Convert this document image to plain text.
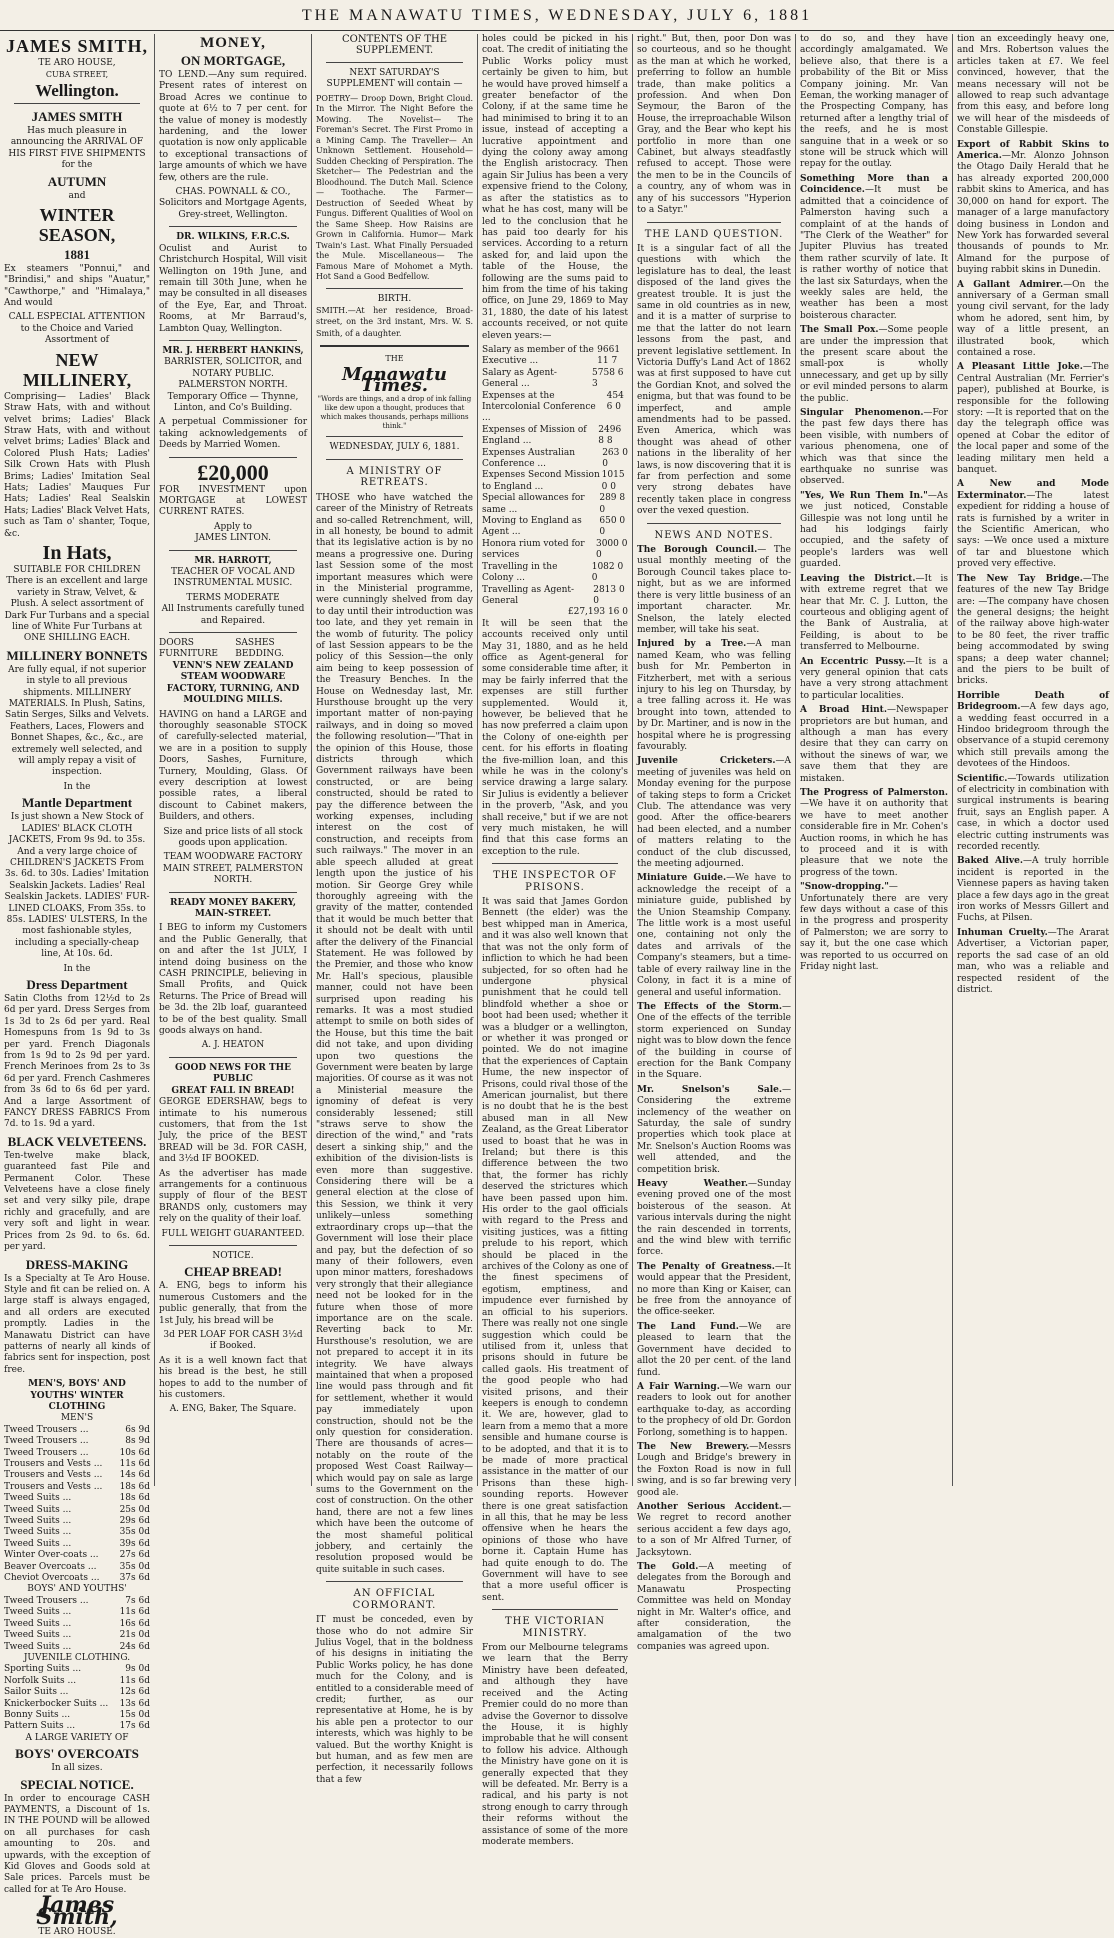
THE MANAWATU TIMES, WEDNESDAY, JULY 6, 1881
JAMES SMITH,
TE ARO HOUSE,
CUBA STREET,
Wellington.
JAMES SMITH

Has much pleasure in announcing the ARRIVAL OF HIS FIRST FIVE SHIPMENTS for the

AUTUMN
and
WINTER SEASON,
1881

Ex steamers "Ponnui," and "Brindisi," and ships "Auatur," "Cawthorpe," and "Himalaya," And would

CALL ESPECIAL ATTENTION to the Choice and Varied Assortment of

NEW MILLINERY,

Comprising— Ladies' Black Straw Hats, with and without velvet brims; Ladies' Black Straw Hats, with and without velvet brims; Ladies' Black and Colored Plush Hats; Ladies' Silk Crown Hats with Plush Brims; Ladies' Imitation Seal Hats; Ladies' Mauques Fur Hats; Ladies' Real Sealskin Hats; Ladies' Black Velvet Hats, such as Tam o' shanter, Toque, &c.

In Hats,

SUITABLE FOR CHILDREN There is an excellent and large variety in Straw, Velvet, & Plush. A select assortment of Dark Fur Turbans and a special line of White Fur Turbans at ONE SHILLING EACH.

MILLINERY BONNETS

Are fully equal, if not superior in style to all previous shipments. MILLINERY MATERIALS. In Plush, Satins, Satin Serges, Silks and Velvets. Feathers, Laces, Flowers and Bonnet Shapes, &c., &c., are extremely well selected, and will amply repay a visit of inspection.

In the
Mantle Department

Is just shown a New Stock of LADIES' BLACK CLOTH JACKETS, From 9s 9d. to 35s. And a very large choice of CHILDREN'S JACKETS From 3s. 6d. to 30s. Ladies' Imitation Sealskin Jackets. Ladies' Real Sealskin Jackets. LADIES' FUR-LINED CLOAKS, From 35s. to 85s. LADIES' ULSTERS, In the most fashionable styles, including a specially-cheap line, At 10s. 6d.

In the
Dress Department

Satin Cloths from 12½d to 2s 6d per yard. Dress Serges from 1s 3d to 2s 6d per yard. Real Homespuns from 1s 9d to 3s per yard. French Diagonals from 1s 9d to 2s 9d per yard. French Merinoes from 2s to 3s 6d per yard. French Cashmeres from 3s 6d to 6s 6d per yard. And a large Assortment of FANCY DRESS FABRICS From 7d. to 1s. 9d a yard.

BLACK VELVETEENS.

Ten-twelve make black, guaranteed fast Pile and Permanent Color. These Velveteens have a close finely set and very silky pile, drape richly and gracefully, and are very soft and light in wear. Prices from 2s 9d. to 6s. 6d. per yard.

DRESS-MAKING

Is a Specialty at Te Aro House. Style and fit can be relied on. A large staff is always engaged, and all orders are executed promptly. Ladies in the Manawatu District can have patterns of nearly all kinds of fabrics sent for inspection, post free.

MEN'S, BOYS' AND YOUTHS' WINTER CLOTHING
MEN'S
Tweed Trousers ...	6s 9d
Tweed Trousers ...	8s 9d
Tweed Trousers ...	10s 6d
Trousers and Vests ... 11s 6d
Trousers and Vests ... 14s 6d
Trousers and Vests ... 18s 6d
Tweed Suits ...	18s 6d
Tweed Suits ...	25s 0d
Tweed Suits ...	29s 6d
Tweed Suits ...	35s 0d
Tweed Suits ...	39s 6d
Winter Over-coats ... 27s 6d
Beaver Overcoats ...	35s 0d
Cheviot Overcoats ... 37s 6d
BOYS' AND YOUTHS'
Tweed Trousers ...	7s 6d
Tweed Suits ...	11s 6d
Tweed Suits ...	16s 6d
Tweed Suits ...	21s 0d
Tweed Suits ...	24s 6d
JUVENILE CLOTHING.
Sporting Suits ...	9s 0d
Norfolk Suits ...	11s 6d
Sailor Suits ...	12s 6d
Knickerbocker Suits ... 13s 6d
Bonny Suits ...	15s 0d
Pattern Suits ...	17s 6d
A LARGE VARIETY OF
BOYS' OVERCOATS
In all sizes.
SPECIAL NOTICE.

In order to encourage CASH PAYMENTS, a Discount of 1s. IN THE POUND will be allowed on all purchases for cash amounting to 20s. and upwards, with the exception of Kid Gloves and Goods sold at Sale prices. Parcels must be called for at Te Aro House.

James Smith,
TE ARO HOUSE.
MONEY,
ON MORTGAGE,

TO LEND.—Any sum required. Present rates of interest on Broad Acres we continue to quote at 6½ to 7 per cent. for the value of money is modestly hardening, and the lower quotation is now only applicable to exceptional transactions of large amounts of which we have few, others are the rule.

CHAS. POWNALL & CO., Solicitors and Mortgage Agents, Grey-street, Wellington.

DR. WILKINS, F.R.C.S.

Oculist and Aurist to Christchurch Hospital, Will visit Wellington on 19th June, and remain till 30th June, when he may be consulted in all diseases of the Eye, Ear, and Throat. Rooms, at Mr Barraud's, Lambton Quay, Wellington.

MR. J. HERBERT HANKINS,
BARRISTER, SOLICITOR, and NOTARY PUBLIC.

PALMERSTON NORTH. Temporary Office — Thynne, Linton, and Co's Building.

A perpetual Commissioner for taking acknowledgements of Deeds by Married Women.

£20,000

FOR INVESTMENT upon MORTGAGE at LOWEST CURRENT RATES.

Apply to
JAMES LINTON.
MR. HARROTT,

TEACHER OF VOCAL AND INSTRUMENTAL MUSIC.

TERMS MODERATE

All Instruments carefully tuned and Repaired.

DOORS FURNITURE
SASHES BEDDING.

VENN'S NEW ZEALAND STEAM WOODWARE FACTORY, TURNING, AND MOULDING MILLS.

HAVING on hand a LARGE and thoroughly seasonable STOCK of carefully-selected material, we are in a position to supply Doors, Sashes, Furniture, Turnery, Moulding, Glass. Of every description at lowest possible rates, a liberal discount to Cabinet makers, Builders, and others.

Size and price lists of all stock goods upon application.

TEAM WOODWARE FACTORY MAIN STREET, PALMERSTON NORTH.

READY MONEY BAKERY, MAIN-STREET.

I BEG to inform my Customers and the Public Generally, that on and after the 1st JULY, I intend doing business on the CASH PRINCIPLE, believing in Small Profits, and Quick Returns. The Price of Bread will be 3d. the 2lb loaf, guaranteed to be of the best quality. Small goods always on hand.

A. J. HEATON
GOOD NEWS FOR THE PUBLIC
GREAT FALL IN BREAD!

GEORGE EDERSHAW, begs to intimate to his numerous customers, that from the 1st July, the price of the BEST BREAD will be 3d. FOR CASH, and 3½d IF BOOKED.

As the advertiser has made arrangements for a continuous supply of flour of the BEST BRANDS only, customers may rely on the quality of their loaf.

FULL WEIGHT GUARANTEED.
NOTICE.
CHEAP BREAD!

A. ENG, begs to inform his numerous Customers and the public generally, that from the 1st July, his bread will be

3d PER LOAF FOR CASH 3½d if Booked.

As it is a well known fact that his bread is the best, he still hopes to add to the number of his customers.

A. ENG, Baker, The Square.
CONTENTS OF THE SUPPLEMENT.

NEXT SATURDAY'S SUPPLEMENT will contain —

POETRY— Droop Down, Bright Cloud. In the Mirror. The Night Before the Mowing. The Novelist— The Foreman's Secret. The First Promo in a Mining Camp. The Traveller— An Unknown Settlement. Household— Sudden Checking of Perspiration. The Sketcher— The Pedestrian and the Bloodhound. The Dutch Mail. Science— Toothache. The Farmer— Destruction of Seeded Wheat by Fungus. Different Qualities of Wool on the Same Sheep. How Raisins are Grown in California. Humor— Mark Twain's Last. What Finally Persuaded the Mule. Miscellaneous— The Famous Mare of Mohomet a Myth. Hot Sand a Good Bedfellow.

BIRTH.

SMITH.—At her residence, Broad-street, on the 3rd instant, Mrs. W. S. Smith, of a daughter.

THE
Manawatu Times.

"Words are things, and a drop of ink falling like dew upon a thought, produces that which makes thousands, perhaps millions think."

WEDNESDAY, JULY 6, 1881.
A MINISTRY OF RETREATS.

THOSE who have watched the career of the Ministry of Retreats and so-called Retrenchment, will, in all honesty, be bound to admit that its legislative action is by no means a progressive one. During last Session some of the most important measures which were in the Ministerial programme, were cunningly shelved from day to day until their introduction was too late, and they yet remain in the womb of futurity. The policy of last Session appears to be the policy of this Session—the only aim being to keep possession of the Treasury Benches. In the House on Wednesday last, Mr. Hursthouse brought up the very important matter of non-paying railways, and in doing so moved the following resolution—"That in the opinion of this House, those districts through which Government railways have been constructed, or are being constructed, should be rated to pay the difference between the working expenses, including interest on the cost of construction, and receipts from such railways." The mover in an able speech alluded at great length upon the justice of his motion. Sir George Grey while thoroughly agreeing with the gravity of the matter, contended that it would be much better that it should not be dealt with until after the delivery of the Financial Statement. He was followed by the Premier, and those who know Mr. Hall's specious, plausible manner, could not have been surprised upon reading his remarks. It was a most studied attempt to smile on both sides of the House, but this time the bait did not take, and upon dividing upon two questions the Government were beaten by large majorities. Of course as it was not a Ministerial measure the ignominy of defeat is very considerably lessened; still "straws serve to show the direction of the wind," and "rats desert a sinking ship," and the exhibition of the division-lists is even more than suggestive. Considering there will be a general election at the close of this Session, we think it very unlikely—unless something extraordinary crops up—that the Government will lose their place and pay, but the defection of so many of their followers, even upon minor matters, foreshadows very strongly that their allegiance need not be looked for in the future when those of more importance are on the scale. Reverting back to Mr. Hursthouse's resolution, we are not prepared to accept it in its integrity. We have always maintained that when a proposed line would pass through and fit for settlement, whether it would pay immediately upon construction, should not be the only question for consideration. There are thousands of acres—notably on the route of the proposed West Coast Railway—which would pay on sale as large sums to the Government on the cost of construction. On the other hand, there are not a few lines which have been the outcome of the most shameful political jobbery, and certainly the resolution proposed would be quite suitable in such cases.

AN OFFICIAL CORMORANT.

IT must be conceded, even by those who do not admire Sir Julius Vogel, that in the boldness of his designs in initiating the Public Works policy, he has done much for the Colony, and is entitled to a considerable meed of credit; further, as our representative at Home, he is by his able pen a protector to our interests, which was highly to be valued. But the worthy Knight is but human, and as few men are perfection, it necessarily follows that a few

holes could be picked in his coat. The credit of initiating the Public Works policy must certainly be given to him, but he would have proved himself a greater benefactor of the Colony, if at the same time he had minimised to bring it to an issue, instead of accepting a lucrative appointment and dying the colony away among the English aristocracy. Then again Sir Julius has been a very expensive friend to the Colony, as after the statistics as to what he has cost, many will be led to the conclusion that he has paid too dearly for his services. According to a return asked for, and laid upon the table of the House, the following are the sums paid to him from the time of his taking office, on June 29, 1869 to May 31, 1880, the date of his latest accounts received, or not quite eleven years:—

Salary as member of the Executive ...
9661 11 7
Salary as Agent-General ...
5758 6 3
Expenses at the Intercolonial Conference ...
454 6 0
Expenses of Mission of England ...
2496 8 8
Expenses Australian Conference ...
263 0 0
Expenses Second Mission to England ...
1015 0 0
Special allowances for same ...
289 8 0
Moving to England as Agent ...
650 0 0
Honora rium voted for services
3000 0 0
Travelling in the Colony ...
1082 0 0
Travelling as Agent-General
2813 0 0
£27,193 16 0

It will be seen that the accounts received only until May 31, 1880, and as he held office as Agent-general for some considerable time after, it may be fairly inferred that the expenses are still further supplemented. Would it, however, be believed that he has now preferred a claim upon the Colony of one-eighth per cent. for his efforts in floating the five-million loan, and this while he was in the colony's service drawing a large salary. Sir Julius is evidently a believer in the proverb, "Ask, and you shall receive," but if we are not very much mistaken, he will find that this case forms an exception to the rule.

THE INSPECTOR OF PRISONS.

It was said that James Gordon Bennett (the elder) was the best whipped man in America, and it was also well known that that was not the only form of infliction to which he had been subjected, for so often had he undergone physical punishment that he could tell blindfold whether a shoe or boot had been used; whether it was a bludger or a wellington, or whether it was pronged or pointed. We do not imagine that the experiences of Captain Hume, the new inspector of Prisons, could rival those of the American journalist, but there is no doubt that he is the best abused man in all New Zealand, as the Great Liberator used to boast that he was in Ireland; but there is this difference between the two that, the former has richly deserved the strictures which have been passed upon him. His order to the gaol officials with regard to the Press and visiting justices, was a fitting prelude to his report, which should be placed in the archives of the Colony as one of the finest specimens of egotism, emptiness, and impudence ever furnished by an official to his superiors. There was really not one single suggestion which could be utilised from it, unless that prisons should in future be called gaols. His treatment of the good people who had visited prisons, and their keepers is enough to condemn it. We are, however, glad to learn from a memo that a more sensible and humane course is to be adopted, and that it is to be made of more practical assistance in the matter of our Prisons than these high-sounding reports. However there is one great satisfaction in all this, that he may be less offensive when he hears the opinions of those who have borne it. Captain Hume has had quite enough to do. The Government will have to see that a more useful officer is sent.

THE VICTORIAN MINISTRY.

From our Melbourne telegrams we learn that the Berry Ministry have been defeated, and although they have received and the Acting Premier could do no more than advise the Governor to dissolve the House, it is highly improbable that he will consent to follow his advice. Although the Ministry have gone on it is generally expected that they will be defeated. Mr. Berry is a radical, and his party is not strong enough to carry through their reforms without the assistance of some of the more moderate members.

right." But, then, poor Don was so courteous, and so he thought as the man at which he worked, preferring to follow an humble trade, than make politics a profession. And when Don Seymour, the Baron of the House, the irreproachable Wilson Gray, and the Bear who kept his portfolio in more than one Cabinet, but always steadfastly refused to accept. Those were the men to be in the Councils of a country, any of whom was in any of his successors "Hyperion to a Satyr."

THE LAND QUESTION.

It is a singular fact of all the questions with which the legislature has to deal, the least disposed of the land gives the greatest trouble. It is just the same in old countries as in new, and it is a matter of surprise to me that the latter do not learn lessons from the past, and prevent legislative settlement. In Victoria Duffy's Land Act of 1862 was at first supposed to have cut the Gordian Knot, and solved the enigma, but that was found to be imperfect, and ample amendments had to be passed. Even America, which was thought was ahead of other nations in the liberality of her laws, is now discovering that it is far from perfection and some very strong debates have recently taken place in congress over the vexed question.

NEWS AND NOTES.

The Borough Council.— The usual monthly meeting of the Borough Council takes place to-night, but as we are informed there is very little business of an important character. Mr. Snelson, the lately elected member, will take his seat.

Injured by a Tree.—A man named Keam, who was felling bush for Mr. Pemberton in Fitzherbert, met with a serious injury to his leg on Thursday, by a tree falling across it. He was brought into town, attended to by Dr. Martiner, and is now in the hospital where he is progressing favourably.

Juvenile Cricketers.—A meeting of juveniles was held on Monday evening for the purpose of taking steps to form a Cricket Club. The attendance was very good. After the office-bearers had been elected, and a number of matters relating to the conduct of the club discussed, the meeting adjourned.

Miniature Guide.—We have to acknowledge the receipt of a miniature guide, published by the Union Steamship Company. The little work is a most useful one, containing not only the dates and arrivals of the Company's steamers, but a time-table of every railway line in the Colony, in fact it is a mine of general and useful information.

The Effects of the Storm.—One of the effects of the terrible storm experienced on Sunday night was to blow down the fence of the building in course of erection for the Bank Company in the Square.

Mr. Snelson's Sale.—Considering the extreme inclemency of the weather on Saturday, the sale of sundry properties which took place at Mr. Snelson's Auction Rooms was well attended, and the competition brisk.

Heavy Weather.—Sunday evening proved one of the most boisterous of the season. At various intervals during the night the rain descended in torrents, and the wind blew with terrific force.

The Penalty of Greatness.—It would appear that the President, no more than King or Kaiser, can be free from the annoyance of the office-seeker.

The Land Fund.—We are pleased to learn that the Government have decided to allot the 20 per cent. of the land fund.

A Fair Warning.—We warn our readers to look out for another earthquake to-day, as according to the prophecy of old Dr. Gordon Forlong, something is to happen.

The New Brewery.—Messrs Lough and Bridge's brewery in the Foxton Road is now in full swing, and is so far brewing very good ale.

Another Serious Accident.—We regret to record another serious accident a few days ago, to a son of Mr Alfred Turner, of Jacksytown.

The Gold.—A meeting of delegates from the Borough and Manawatu Prospecting Committee was held on Monday night in Mr. Walter's office, and after consideration, the amalgamation of the two companies was agreed upon.

to do so, and they have accordingly amalgamated. We believe also, that there is a probability of the Bit or Miss Company joining. Mr. Van Eeman, the working manager of the Prospecting Company, has returned after a lengthy trial of the reefs, and he is most sanguine that in a week or so stone will be struck which will repay for the outlay.

Something More than a Coincidence.—It must be admitted that a coincidence of Palmerston having such a complaint of at the hands of "The Clerk of the Weather" for Jupiter Pluvius has treated them rather scurvily of late. It is rather worthy of notice that the last six Saturdays, when the weekly sales are held, the weather has been a most boisterous character.

The Small Pox.—Some people are under the impression that the present scare about the small-pox is wholly unnecessary, and get up by silly or evil minded persons to alarm the public.

Singular Phenomenon.—For the past few days there has been visible, with numbers of various phenomena, one of which was that since the earthquake no sunrise was observed.

"Yes, We Run Them In."—As we just noticed, Constable Gillespie was not long until he had his lodgings fairly occupied, and the safety of people's larders was well guarded.

Leaving the District.—It is with extreme regret that we hear that Mr. C. J. Lutton, the courteous and obliging agent of the Bank of Australia, at Feilding, is about to be transferred to Melbourne.

An Eccentric Pussy.—It is a very general opinion that cats have a very strong attachment to particular localities.

A Broad Hint.—Newspaper proprietors are but human, and although a man has every desire that they can carry on without the sinews of war, we save them that they are mistaken.

The Progress of Palmerston.—We have it on authority that we have to meet another considerable fire in Mr. Cohen's Auction rooms, in which he has to proceed and it is with pleasure that we note the progress of the town.

"Snow-dropping."—Unfortunately there are very few days without a case of this in the progress and prosperity of Palmerston; we are sorry to say it, but the one case which was reported to us occurred on Friday night last.

tion an exceedingly heavy one, and Mrs. Robertson values the articles taken at £7. We feel convinced, however, that the means necessary will not be allowed to reap such advantage from this easy, and before long we will hear of the misdeeds of Constable Gillespie.

Export of Rabbit Skins to America.—Mr. Alonzo Johnson the Otago Daily Herald that he has already exported 200,000 rabbit skins to America, and has 30,000 on hand for export. The manager of a large manufactory doing business in London and New York has forwarded several thousands of pounds to Mr. Almand for the purpose of buying rabbit skins in Dunedin.

A Gallant Admirer.—On the anniversary of a German small young civil servant, for the lady whom he adored, sent him, by way of a little present, an illustrated book, which contained a rose.

A Pleasant Little Joke.—The Central Australian (Mr. Ferrier's paper), published at Bourke, is responsible for the following story: —It is reported that on the day the telegraph office was opened at Cobar the editor of the local paper and some of the leading military men held a banquet.

A New and Mode Exterminator.—The latest expedient for ridding a house of rats is furnished by a writer in the Scientific American, who says: —We once used a mixture of tar and bluestone which proved very effective.

The New Tay Bridge.—The features of the new Tay Bridge are: —The company have chosen the general designs; the height of the railway above high-water to be 80 feet, the river traffic being accommodated by swing spans; a deep water channel; and the piers to be built of bricks.

Horrible Death of Bridegroom.—A few days ago, a wedding feast occurred in a Hindoo bridegroom through the observance of a stupid ceremony which still prevails among the devotees of the Hindoos.

Scientific.—Towards utilization of electricity in combination with surgical instruments is bearing fruit, says an English paper. A case, in which a doctor used electric cutting instruments was recorded recently.

Baked Alive.—A truly horrible incident is reported in the Viennese papers as having taken place a few days ago in the great iron works of Messrs Gillert and Fuchs, at Pilsen.

Inhuman Cruelty.—The Ararat Advertiser, a Victorian paper, reports the sad case of an old man, who was a reliable and respected resident of the district.
